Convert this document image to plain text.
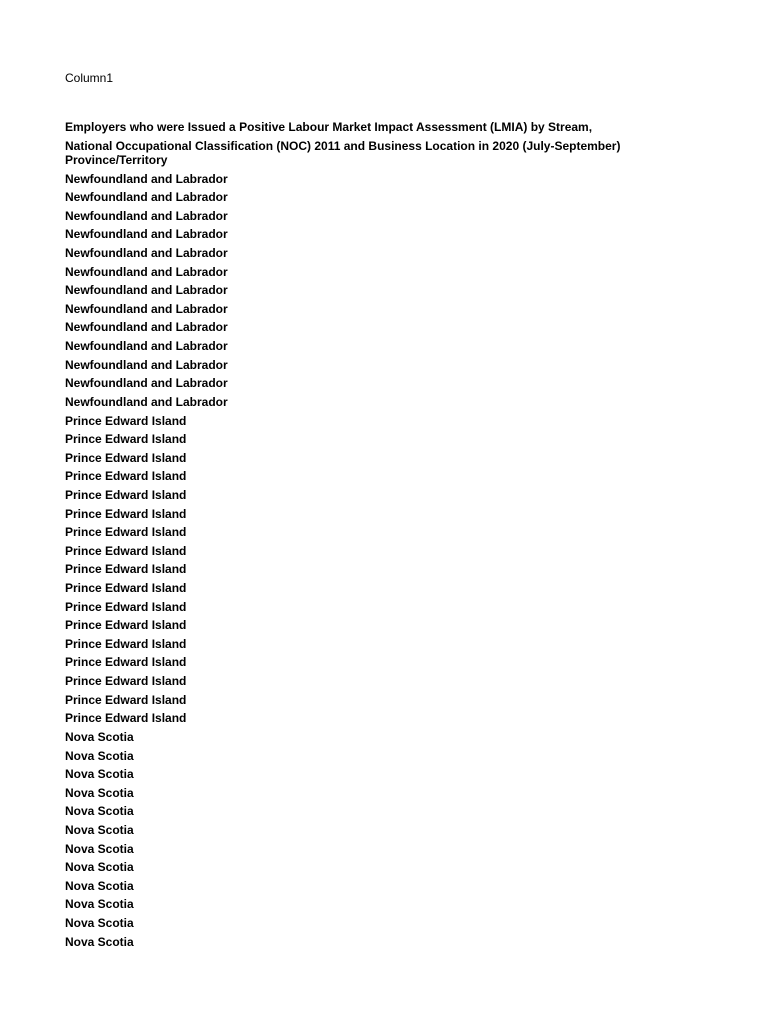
Column1
Employers who were Issued a Positive Labour Market Impact Assessment (LMIA) by Stream,
National Occupational Classification (NOC) 2011 and Business Location in 2020 (July-September)
Province/Territory
Newfoundland and Labrador
Newfoundland and Labrador
Newfoundland and Labrador
Newfoundland and Labrador
Newfoundland and Labrador
Newfoundland and Labrador
Newfoundland and Labrador
Newfoundland and Labrador
Newfoundland and Labrador
Newfoundland and Labrador
Newfoundland and Labrador
Newfoundland and Labrador
Newfoundland and Labrador
Prince Edward Island
Prince Edward Island
Prince Edward Island
Prince Edward Island
Prince Edward Island
Prince Edward Island
Prince Edward Island
Prince Edward Island
Prince Edward Island
Prince Edward Island
Prince Edward Island
Prince Edward Island
Prince Edward Island
Prince Edward Island
Prince Edward Island
Prince Edward Island
Prince Edward Island
Nova Scotia
Nova Scotia
Nova Scotia
Nova Scotia
Nova Scotia
Nova Scotia
Nova Scotia
Nova Scotia
Nova Scotia
Nova Scotia
Nova Scotia
Nova Scotia
